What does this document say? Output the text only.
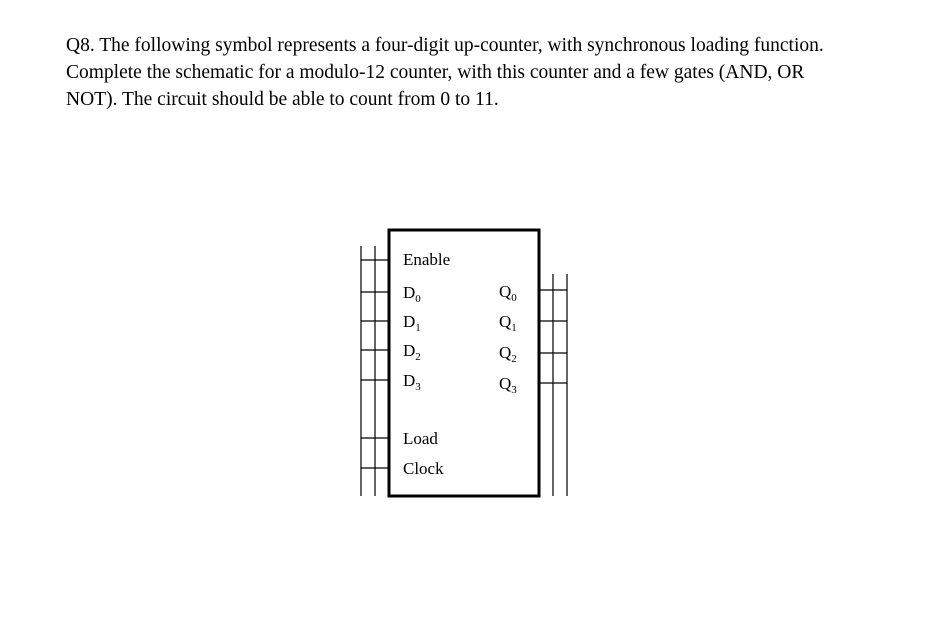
Q8. The following symbol represents a four-digit up-counter, with synchronous loading function.
Complete the schematic for a modulo-12 counter, with this counter and a few gates (AND, OR
NOT). The circuit should be able to count from 0 to 11.

Enable
$D_0$
$D_1$
$D_2$
$D_3$
$Q_0$
$Q_1$
$Q_2$
$Q_3$
Load
Clock
